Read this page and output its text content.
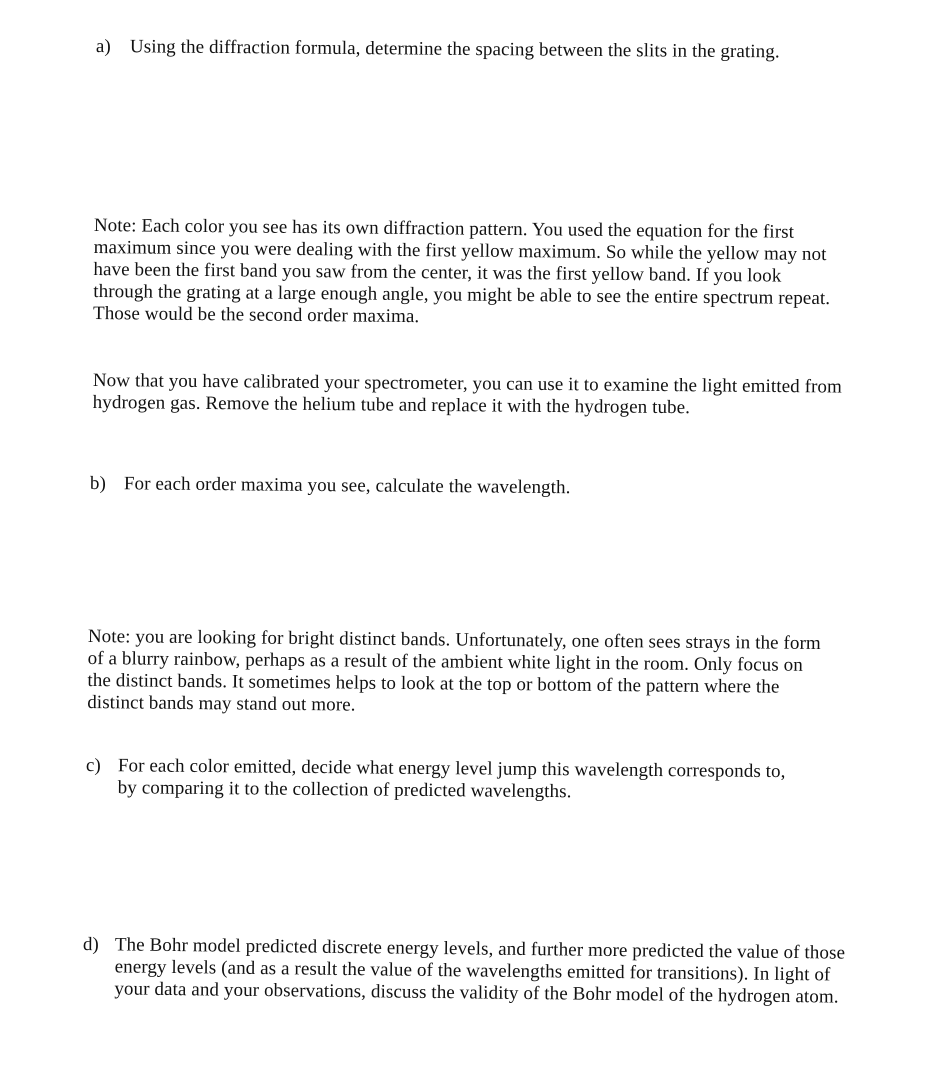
a) Using the diffraction formula, determine the spacing between the slits in the grating.

Note: Each color you see has its own diffraction pattern. You used the equation for the first maximum since you were dealing with the first yellow maximum. So while the yellow may not have been the first band you saw from the center, it was the first yellow band. If you look through the grating at a large enough angle, you might be able to see the entire spectrum repeat. Those would be the second order maxima.

Now that you have calibrated your spectrometer, you can use it to examine the light emitted from hydrogen gas. Remove the helium tube and replace it with the hydrogen tube.

b) For each order maxima you see, calculate the wavelength.

Note: you are looking for bright distinct bands. Unfortunately, one often sees strays in the form of a blurry rainbow, perhaps as a result of the ambient white light in the room. Only focus on the distinct bands. It sometimes helps to look at the top or bottom of the pattern where the distinct bands may stand out more.

c) For each color emitted, decide what energy level jump this wavelength corresponds to, by comparing it to the collection of predicted wavelengths.
d) The Bohr model predicted discrete energy levels, and further more predicted the value of those energy levels (and as a result the value of the wavelengths emitted for transitions). In light of your data and your observations, discuss the validity of the Bohr model of the hydrogen atom.
